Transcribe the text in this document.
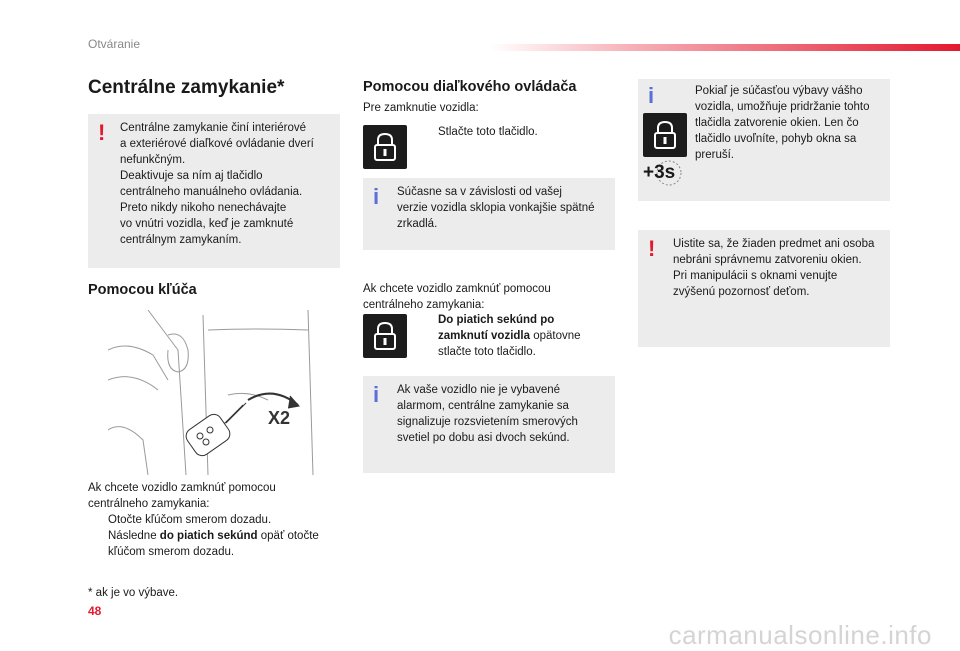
Otváranie
Centrálne zamykanie*
! Centrálne zamykanie činí interiérové

a exteriérové diaľkové ovládanie dverí

nefunkčným.

Deaktivuje sa ním aj tlačidlo

centrálneho manuálneho ovládania.

Preto nikdy nikoho nenechávajte

vo vnútri vozidla, keď je zamknuté

centrálnym zamykaním.

Pomocou kľúča
X2

Ak chcete vozidlo zamknúť pomocou

centrálneho zamykania:

Otočte kľúčom smerom dozadu.
Následne do piatich sekúnd opäť otočte
kľúčom smerom dozadu.
* ak je vo výbave.
Pomocou diaľkového ovládača
Pre zamknutie vozidla:
Stlačte toto tlačidlo.
i Súčasne sa v závislosti od vašej

verzie vozidla sklopia vonkajšie spätné

zrkadlá.

Ak chcete vozidlo zamknúť pomocou

centrálneho zamykania:

Do piatich sekúnd po
zamknutí vozidla opätovne
stlačte toto tlačidlo.
i Ak vaše vozidlo nie je vybavené

alarmom, centrálne zamykanie sa

signalizuje rozsvietením smerových

svetiel po dobu asi dvoch sekúnd.

i
+3s

Pokiaľ je súčasťou výbavy vášho

vozidla, umožňuje pridržanie tohto

tlačidla zatvorenie okien. Len čo

tlačidlo uvoľníte, pohyb okna sa

preruší.

! Uistite sa, že žiaden predmet ani osoba

nebráni správnemu zatvoreniu okien.

Pri manipulácii s oknami venujte

zvýšenú pozornosť deťom.

48
carmanualsonline.info
